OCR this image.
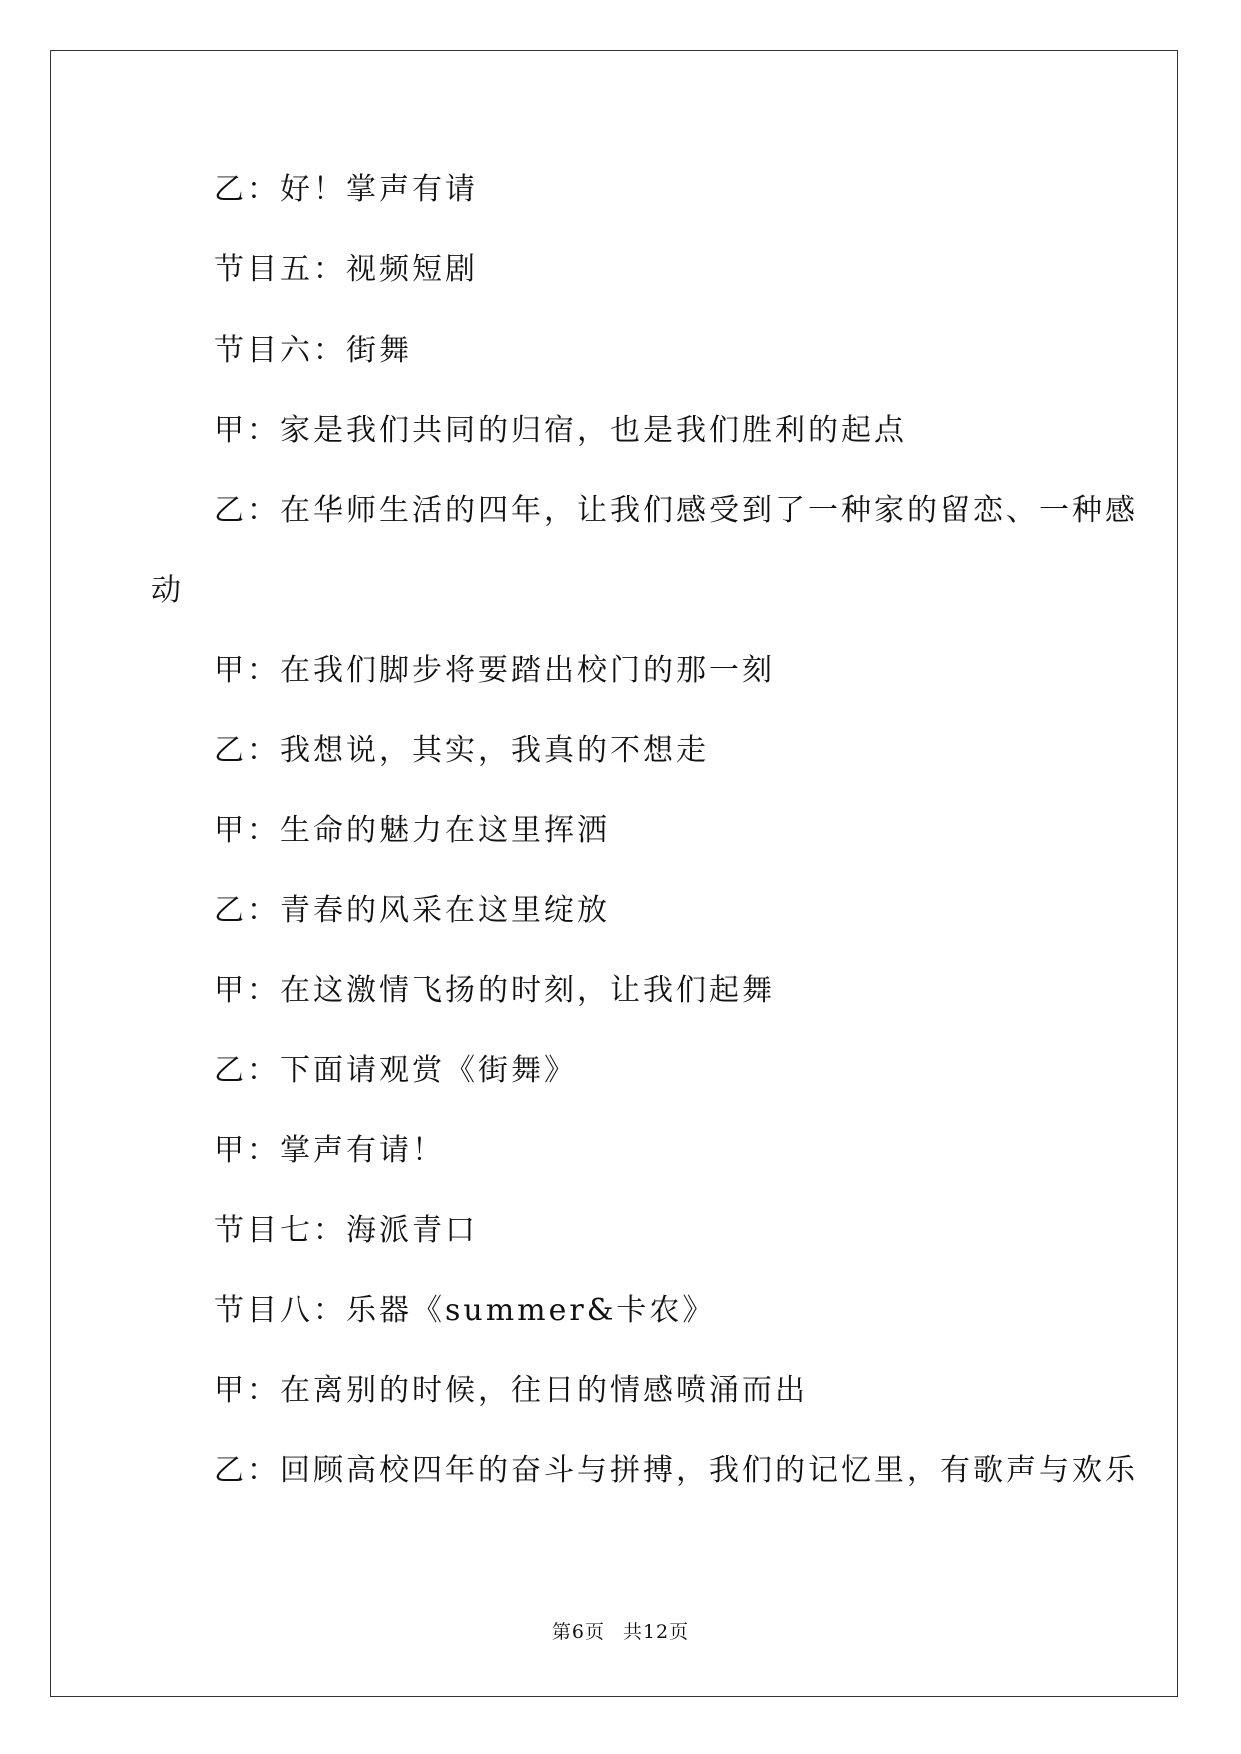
乙：好！掌声有请
节目五：视频短剧
节目六：街舞
甲：家是我们共同的归宿，也是我们胜利的起点
乙：在华师生活的四年，让我们感受到了一种家的留恋、一种感
动
甲：在我们脚步将要踏出校门的那一刻
乙：我想说，其实，我真的不想走
甲：生命的魅力在这里挥洒
乙：青春的风采在这里绽放
甲：在这激情飞扬的时刻，让我们起舞
乙：下面请观赏《街舞》
甲：掌声有请！
节目七：海派青口
节目八：乐器《summer&卡农》
甲：在离别的时候，往日的情感喷涌而出
乙：回顾高校四年的奋斗与拼搏，我们的记忆里，有歌声与欢乐
第6页 共12页
